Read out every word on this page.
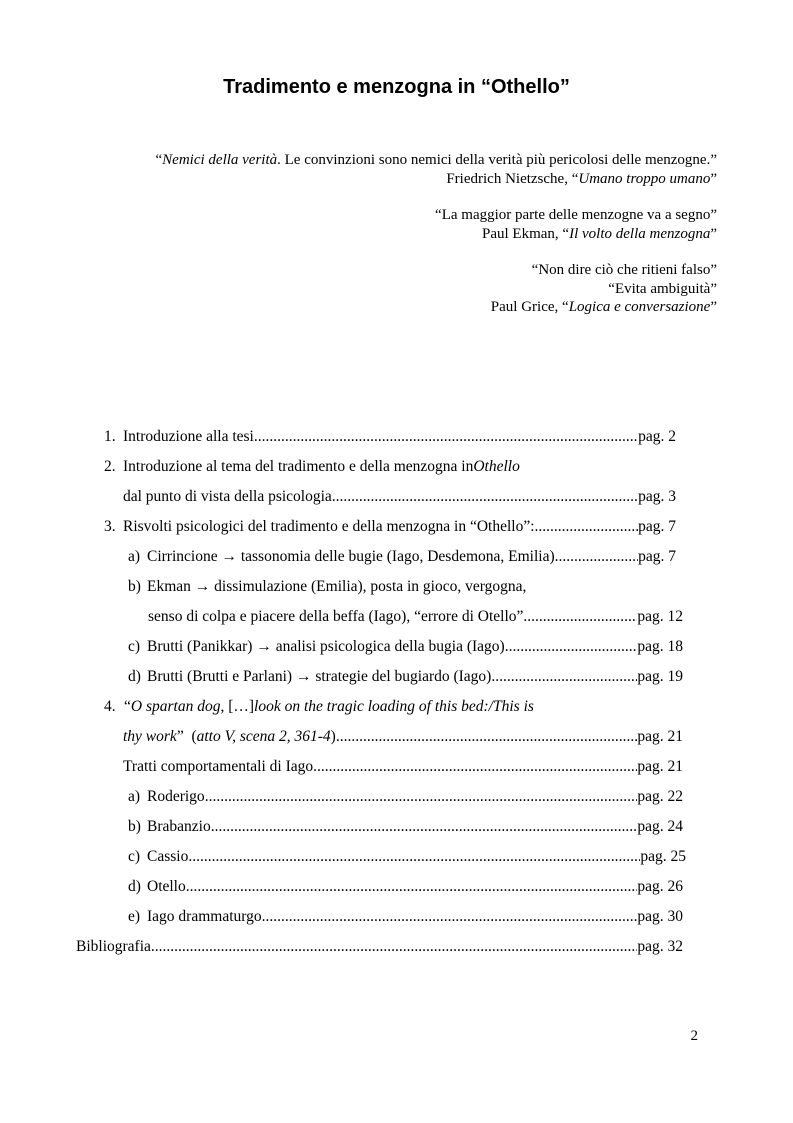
Tradimento e menzogna in “Othello”
“Nemici della verità. Le convinzioni sono nemici della verità più pericolosi delle menzogne.”
Friedrich Nietzsche, “Umano troppo umano”
“La maggior parte delle menzogne va a segno”
Paul Ekman, “Il volto della menzogna”
“Non dire ciò che ritieni falso”
“Evita ambiguità”
Paul Grice, “Logica e conversazione”
1. Introduzione alla tesi .....	pag. 2
2. Introduzione al tema del tradimento e della menzogna in Othello
dal punto di vista della psicologia .....	pag. 3
3. Risvolti psicologici del tradimento e della menzogna in “Othello”: .....	pag. 7
a) Cirrincione → tassonomia delle bugie (Iago, Desdemona, Emilia) .....	pag. 7
b) Ekman → dissimulazione (Emilia), posta in gioco, vergogna,
senso di colpa e piacere della beffa (Iago), “errore di Otello” .....	pag. 12
c) Brutti (Panikkar) → analisi psicologica della bugia (Iago) .....	pag. 18
d) Brutti (Brutti e Parlani) → strategie del bugiardo (Iago) .....	pag. 19
4. “ O spartan dog , […] look on the tragic loading of this bed:/This is
thy work ”  ( atto V, scena 2, 361-4 ) .....	pag. 21
Tratti comportamentali di Iago .....	pag. 21
a) Roderigo .....	pag. 22
b) Brabanzio .....	pag. 24
c) Cassio .....	pag. 25
d) Otello .....	pag. 26
e) Iago drammaturgo .....	pag. 30
Bibliografia .....	pag. 32
2
